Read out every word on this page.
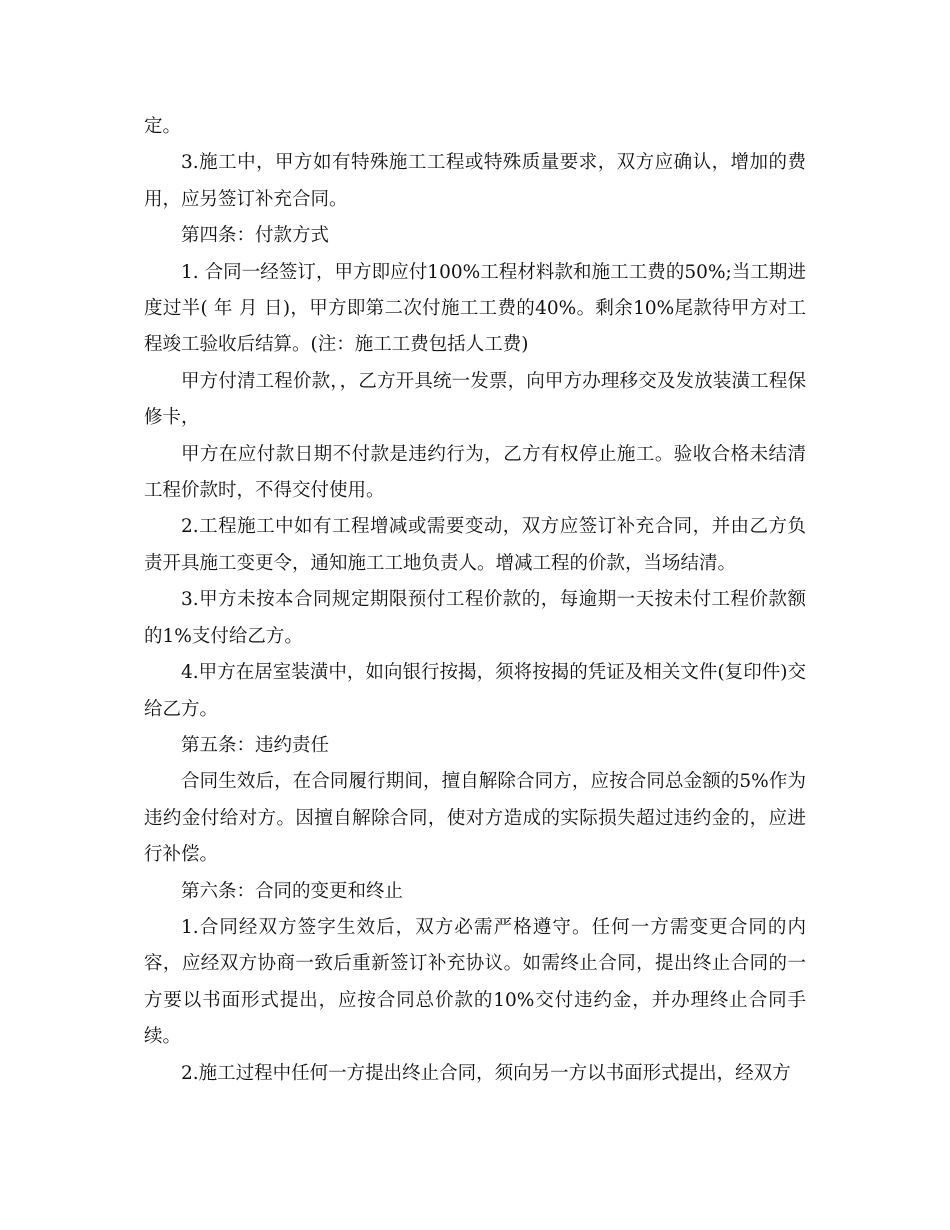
定。

3.施工中，甲方如有特殊施工工程或特殊质量要求，双方应确认，增加的费用，应另签订补充合同。

第四条：付款方式

1. 合同一经签订，甲方即应付100%工程材料款和施工工费的50%;当工期进度过半( 年 月 日)，甲方即第二次付施工工费的40%。剩余10%尾款待甲方对工程竣工验收后结算。(注：施工工费包括人工费)

甲方付清工程价款，，乙方开具统一发票，向甲方办理移交及发放装潢工程保修卡，

甲方在应付款日期不付款是违约行为，乙方有权停止施工。验收合格未结清工程价款时，不得交付使用。

2.工程施工中如有工程增减或需要变动，双方应签订补充合同，并由乙方负责开具施工变更令，通知施工工地负责人。增减工程的价款，当场结清。

3.甲方未按本合同规定期限预付工程价款的，每逾期一天按未付工程价款额的1%支付给乙方。

4.甲方在居室装潢中，如向银行按揭，须将按揭的凭证及相关文件(复印件)交给乙方。

第五条：违约责任

合同生效后，在合同履行期间，擅自解除合同方，应按合同总金额的5%作为违约金付给对方。因擅自解除合同，使对方造成的实际损失超过违约金的，应进行补偿。

第六条：合同的变更和终止

1.合同经双方签字生效后，双方必需严格遵守。任何一方需变更合同的内容，应经双方协商一致后重新签订补充协议。如需终止合同，提出终止合同的一方要以书面形式提出，应按合同总价款的10%交付违约金，并办理终止合同手续。

2.施工过程中任何一方提出终止合同，须向另一方以书面形式提出，经双方
